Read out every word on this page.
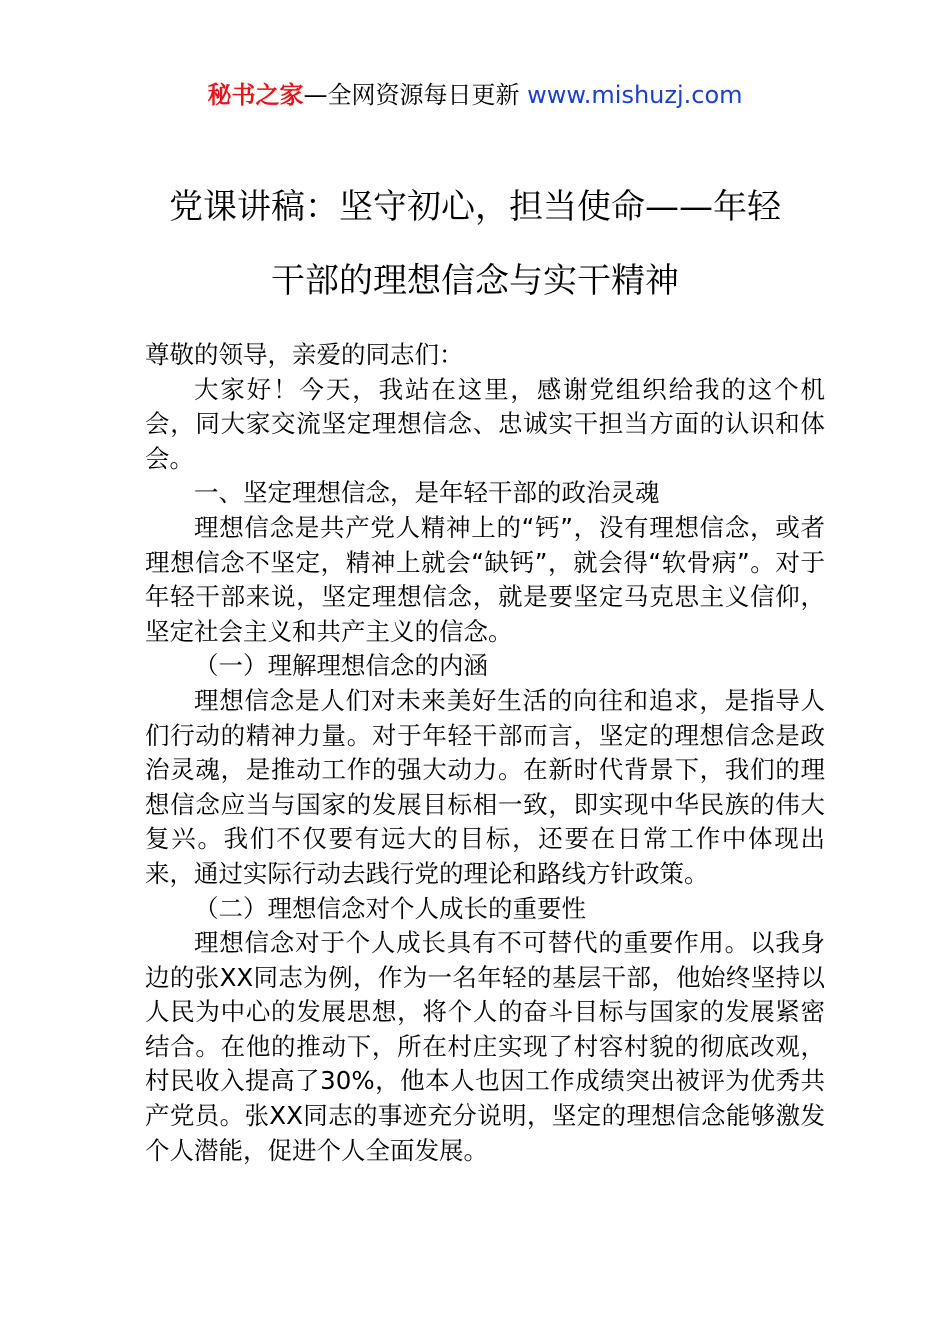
秘书之家—全网资源每日更新 www.mishuzj.com
党课讲稿：坚守初心，担当使命——年轻
干部的理想信念与实干精神

尊敬的领导，亲爱的同志们：

大家好！今天，我站在这里，感谢党组织给我的这个机会，同大家交流坚定理想信念、忠诚实干担当方面的认识和体会。

一、坚定理想信念，是年轻干部的政治灵魂

理想信念是共产党人精神上的“钙”，没有理想信念，或者理想信念不坚定，精神上就会“缺钙”，就会得“软骨病”。对于年轻干部来说，坚定理想信念，就是要坚定马克思主义信仰，坚定社会主义和共产主义的信念。

（一）理解理想信念的内涵

理想信念是人们对未来美好生活的向往和追求，是指导人们行动的精神力量。对于年轻干部而言，坚定的理想信念是政治灵魂，是推动工作的强大动力。在新时代背景下，我们的理想信念应当与国家的发展目标相一致，即实现中华民族的伟大复兴。我们不仅要有远大的目标，还要在日常工作中体现出来，通过实际行动去践行党的理论和路线方针政策。

（二）理想信念对个人成长的重要性

理想信念对于个人成长具有不可替代的重要作用。以我身边的张XX同志为例，作为一名年轻的基层干部，他始终坚持以人民为中心的发展思想，将个人的奋斗目标与国家的发展紧密结合。在他的推动下，所在村庄实现了村容村貌的彻底改观，村民收入提高了30%，他本人也因工作成绩突出被评为优秀共产党员。张XX同志的事迹充分说明，坚定的理想信念能够激发个人潜能，促进个人全面发展。
